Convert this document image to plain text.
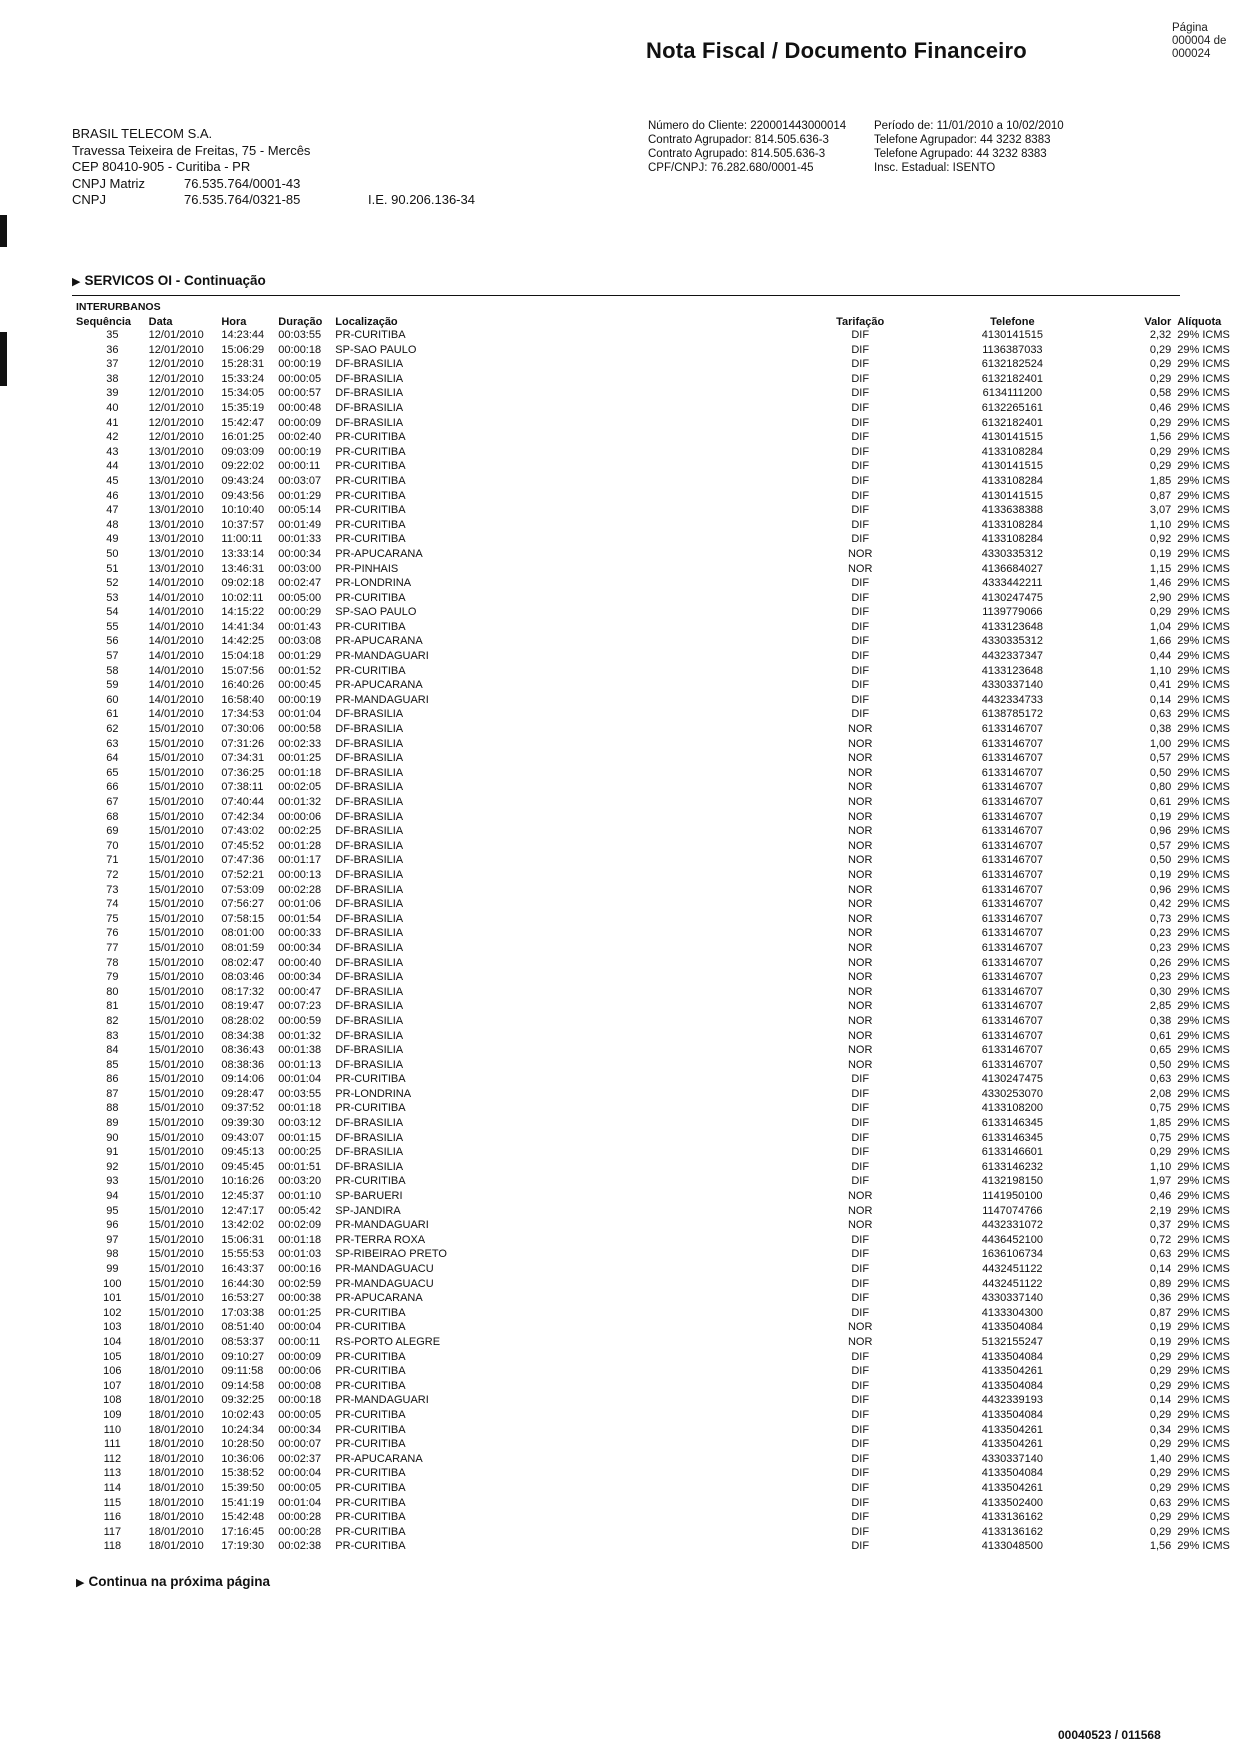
Nota Fiscal / Documento Financeiro
Página
000004 de
000024
BRASIL TELECOM S.A.
Travessa Teixeira de Freitas, 75 - Mercês
CEP 80410-905 - Curitiba - PR
CNPJ Matriz	76.535.764/0001-43
CNPJ	76.535.764/0321-85	I.E. 90.206.136-34
Número do Cliente: 220001443000014
Contrato Agrupador: 814.505.636-3
Contrato Agrupado: 814.505.636-3
CPF/CNPJ: 76.282.680/0001-45
Período de: 11/01/2010 a 10/02/2010
Telefone Agrupador: 44 3232 8383
Telefone Agrupado: 44 3232 8383
Insc. Estadual: ISENTO
▶ SERVICOS OI - Continuação
INTERURBANOS
Sequência	Data	Hora	Duração	Localização	Tarifação	Telefone	Valor	Alíquota
35	12/01/2010	14:23:44	00:03:55	PR-CURITIBA	DIF	4130141515	2,32	29% ICMS
36	12/01/2010	15:06:29	00:00:18	SP-SAO PAULO	DIF	1136387033	0,29	29% ICMS
37	12/01/2010	15:28:31	00:00:19	DF-BRASILIA	DIF	6132182524	0,29	29% ICMS
38	12/01/2010	15:33:24	00:00:05	DF-BRASILIA	DIF	6132182401	0,29	29% ICMS
39	12/01/2010	15:34:05	00:00:57	DF-BRASILIA	DIF	6134111200	0,58	29% ICMS
40	12/01/2010	15:35:19	00:00:48	DF-BRASILIA	DIF	6132265161	0,46	29% ICMS
41	12/01/2010	15:42:47	00:00:09	DF-BRASILIA	DIF	6132182401	0,29	29% ICMS
42	12/01/2010	16:01:25	00:02:40	PR-CURITIBA	DIF	4130141515	1,56	29% ICMS
43	13/01/2010	09:03:09	00:00:19	PR-CURITIBA	DIF	4133108284	0,29	29% ICMS
44	13/01/2010	09:22:02	00:00:11	PR-CURITIBA	DIF	4130141515	0,29	29% ICMS
45	13/01/2010	09:43:24	00:03:07	PR-CURITIBA	DIF	4133108284	1,85	29% ICMS
46	13/01/2010	09:43:56	00:01:29	PR-CURITIBA	DIF	4130141515	0,87	29% ICMS
47	13/01/2010	10:10:40	00:05:14	PR-CURITIBA	DIF	4133638388	3,07	29% ICMS
48	13/01/2010	10:37:57	00:01:49	PR-CURITIBA	DIF	4133108284	1,10	29% ICMS
49	13/01/2010	11:00:11	00:01:33	PR-CURITIBA	DIF	4133108284	0,92	29% ICMS
50	13/01/2010	13:33:14	00:00:34	PR-APUCARANA	NOR	4330335312	0,19	29% ICMS
51	13/01/2010	13:46:31	00:03:00	PR-PINHAIS	NOR	4136684027	1,15	29% ICMS
52	14/01/2010	09:02:18	00:02:47	PR-LONDRINA	DIF	4333442211	1,46	29% ICMS
53	14/01/2010	10:02:11	00:05:00	PR-CURITIBA	DIF	4130247475	2,90	29% ICMS
54	14/01/2010	14:15:22	00:00:29	SP-SAO PAULO	DIF	1139779066	0,29	29% ICMS
55	14/01/2010	14:41:34	00:01:43	PR-CURITIBA	DIF	4133123648	1,04	29% ICMS
56	14/01/2010	14:42:25	00:03:08	PR-APUCARANA	DIF	4330335312	1,66	29% ICMS
57	14/01/2010	15:04:18	00:01:29	PR-MANDAGUARI	DIF	4432337347	0,44	29% ICMS
58	14/01/2010	15:07:56	00:01:52	PR-CURITIBA	DIF	4133123648	1,10	29% ICMS
59	14/01/2010	16:40:26	00:00:45	PR-APUCARANA	DIF	4330337140	0,41	29% ICMS
60	14/01/2010	16:58:40	00:00:19	PR-MANDAGUARI	DIF	4432334733	0,14	29% ICMS
61	14/01/2010	17:34:53	00:01:04	DF-BRASILIA	DIF	6138785172	0,63	29% ICMS
62	15/01/2010	07:30:06	00:00:58	DF-BRASILIA	NOR	6133146707	0,38	29% ICMS
63	15/01/2010	07:31:26	00:02:33	DF-BRASILIA	NOR	6133146707	1,00	29% ICMS
64	15/01/2010	07:34:31	00:01:25	DF-BRASILIA	NOR	6133146707	0,57	29% ICMS
65	15/01/2010	07:36:25	00:01:18	DF-BRASILIA	NOR	6133146707	0,50	29% ICMS
66	15/01/2010	07:38:11	00:02:05	DF-BRASILIA	NOR	6133146707	0,80	29% ICMS
67	15/01/2010	07:40:44	00:01:32	DF-BRASILIA	NOR	6133146707	0,61	29% ICMS
68	15/01/2010	07:42:34	00:00:06	DF-BRASILIA	NOR	6133146707	0,19	29% ICMS
69	15/01/2010	07:43:02	00:02:25	DF-BRASILIA	NOR	6133146707	0,96	29% ICMS
70	15/01/2010	07:45:52	00:01:28	DF-BRASILIA	NOR	6133146707	0,57	29% ICMS
71	15/01/2010	07:47:36	00:01:17	DF-BRASILIA	NOR	6133146707	0,50	29% ICMS
72	15/01/2010	07:52:21	00:00:13	DF-BRASILIA	NOR	6133146707	0,19	29% ICMS
73	15/01/2010	07:53:09	00:02:28	DF-BRASILIA	NOR	6133146707	0,96	29% ICMS
74	15/01/2010	07:56:27	00:01:06	DF-BRASILIA	NOR	6133146707	0,42	29% ICMS
75	15/01/2010	07:58:15	00:01:54	DF-BRASILIA	NOR	6133146707	0,73	29% ICMS
76	15/01/2010	08:01:00	00:00:33	DF-BRASILIA	NOR	6133146707	0,23	29% ICMS
77	15/01/2010	08:01:59	00:00:34	DF-BRASILIA	NOR	6133146707	0,23	29% ICMS
78	15/01/2010	08:02:47	00:00:40	DF-BRASILIA	NOR	6133146707	0,26	29% ICMS
79	15/01/2010	08:03:46	00:00:34	DF-BRASILIA	NOR	6133146707	0,23	29% ICMS
80	15/01/2010	08:17:32	00:00:47	DF-BRASILIA	NOR	6133146707	0,30	29% ICMS
81	15/01/2010	08:19:47	00:07:23	DF-BRASILIA	NOR	6133146707	2,85	29% ICMS
82	15/01/2010	08:28:02	00:00:59	DF-BRASILIA	NOR	6133146707	0,38	29% ICMS
83	15/01/2010	08:34:38	00:01:32	DF-BRASILIA	NOR	6133146707	0,61	29% ICMS
84	15/01/2010	08:36:43	00:01:38	DF-BRASILIA	NOR	6133146707	0,65	29% ICMS
85	15/01/2010	08:38:36	00:01:13	DF-BRASILIA	NOR	6133146707	0,50	29% ICMS
86	15/01/2010	09:14:06	00:01:04	PR-CURITIBA	DIF	4130247475	0,63	29% ICMS
87	15/01/2010	09:28:47	00:03:55	PR-LONDRINA	DIF	4330253070	2,08	29% ICMS
88	15/01/2010	09:37:52	00:01:18	PR-CURITIBA	DIF	4133108200	0,75	29% ICMS
89	15/01/2010	09:39:30	00:03:12	DF-BRASILIA	DIF	6133146345	1,85	29% ICMS
90	15/01/2010	09:43:07	00:01:15	DF-BRASILIA	DIF	6133146345	0,75	29% ICMS
91	15/01/2010	09:45:13	00:00:25	DF-BRASILIA	DIF	6133146601	0,29	29% ICMS
92	15/01/2010	09:45:45	00:01:51	DF-BRASILIA	DIF	6133146232	1,10	29% ICMS
93	15/01/2010	10:16:26	00:03:20	PR-CURITIBA	DIF	4132198150	1,97	29% ICMS
94	15/01/2010	12:45:37	00:01:10	SP-BARUERI	NOR	1141950100	0,46	29% ICMS
95	15/01/2010	12:47:17	00:05:42	SP-JANDIRA	NOR	1147074766	2,19	29% ICMS
96	15/01/2010	13:42:02	00:02:09	PR-MANDAGUARI	NOR	4432331072	0,37	29% ICMS
97	15/01/2010	15:06:31	00:01:18	PR-TERRA ROXA	DIF	4436452100	0,72	29% ICMS
98	15/01/2010	15:55:53	00:01:03	SP-RIBEIRAO PRETO	DIF	1636106734	0,63	29% ICMS
99	15/01/2010	16:43:37	00:00:16	PR-MANDAGUACU	DIF	4432451122	0,14	29% ICMS
100	15/01/2010	16:44:30	00:02:59	PR-MANDAGUACU	DIF	4432451122	0,89	29% ICMS
101	15/01/2010	16:53:27	00:00:38	PR-APUCARANA	DIF	4330337140	0,36	29% ICMS
102	15/01/2010	17:03:38	00:01:25	PR-CURITIBA	DIF	4133304300	0,87	29% ICMS
103	18/01/2010	08:51:40	00:00:04	PR-CURITIBA	NOR	4133504084	0,19	29% ICMS
104	18/01/2010	08:53:37	00:00:11	RS-PORTO ALEGRE	NOR	5132155247	0,19	29% ICMS
105	18/01/2010	09:10:27	00:00:09	PR-CURITIBA	DIF	4133504084	0,29	29% ICMS
106	18/01/2010	09:11:58	00:00:06	PR-CURITIBA	DIF	4133504261	0,29	29% ICMS
107	18/01/2010	09:14:58	00:00:08	PR-CURITIBA	DIF	4133504084	0,29	29% ICMS
108	18/01/2010	09:32:25	00:00:18	PR-MANDAGUARI	DIF	4432339193	0,14	29% ICMS
109	18/01/2010	10:02:43	00:00:05	PR-CURITIBA	DIF	4133504084	0,29	29% ICMS
110	18/01/2010	10:24:34	00:00:34	PR-CURITIBA	DIF	4133504261	0,34	29% ICMS
111	18/01/2010	10:28:50	00:00:07	PR-CURITIBA	DIF	4133504261	0,29	29% ICMS
112	18/01/2010	10:36:06	00:02:37	PR-APUCARANA	DIF	4330337140	1,40	29% ICMS
113	18/01/2010	15:38:52	00:00:04	PR-CURITIBA	DIF	4133504084	0,29	29% ICMS
114	18/01/2010	15:39:50	00:00:05	PR-CURITIBA	DIF	4133504261	0,29	29% ICMS
115	18/01/2010	15:41:19	00:01:04	PR-CURITIBA	DIF	4133502400	0,63	29% ICMS
116	18/01/2010	15:42:48	00:00:28	PR-CURITIBA	DIF	4133136162	0,29	29% ICMS
117	18/01/2010	17:16:45	00:00:28	PR-CURITIBA	DIF	4133136162	0,29	29% ICMS
118	18/01/2010	17:19:30	00:02:38	PR-CURITIBA	DIF	4133048500	1,56	29% ICMS
▶ Continua na próxima página
00040523 / 011568
